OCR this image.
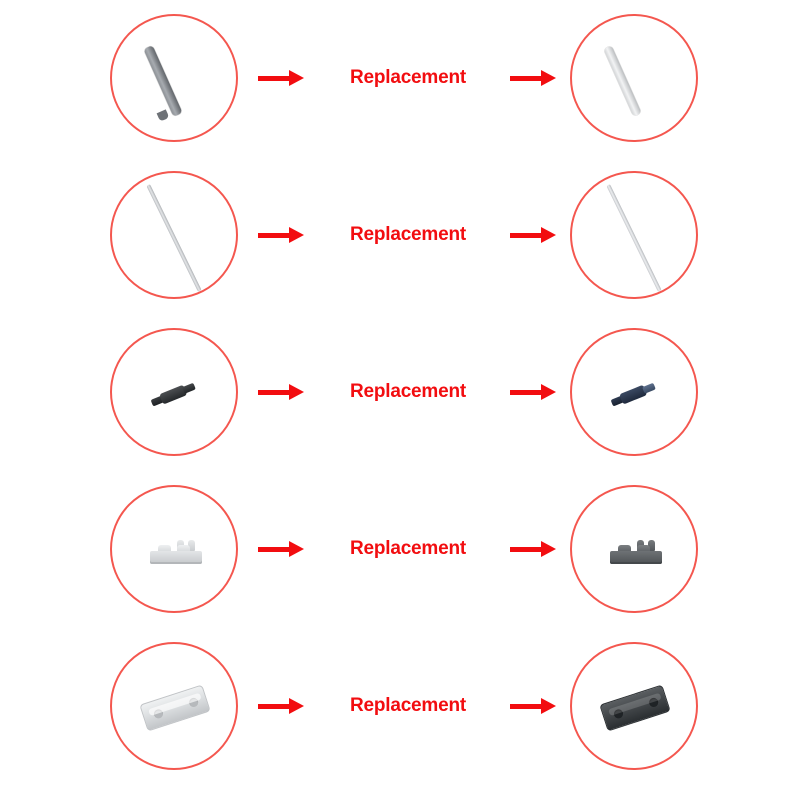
Replacement
Replacement
Replacement
Replacement
Replacement
